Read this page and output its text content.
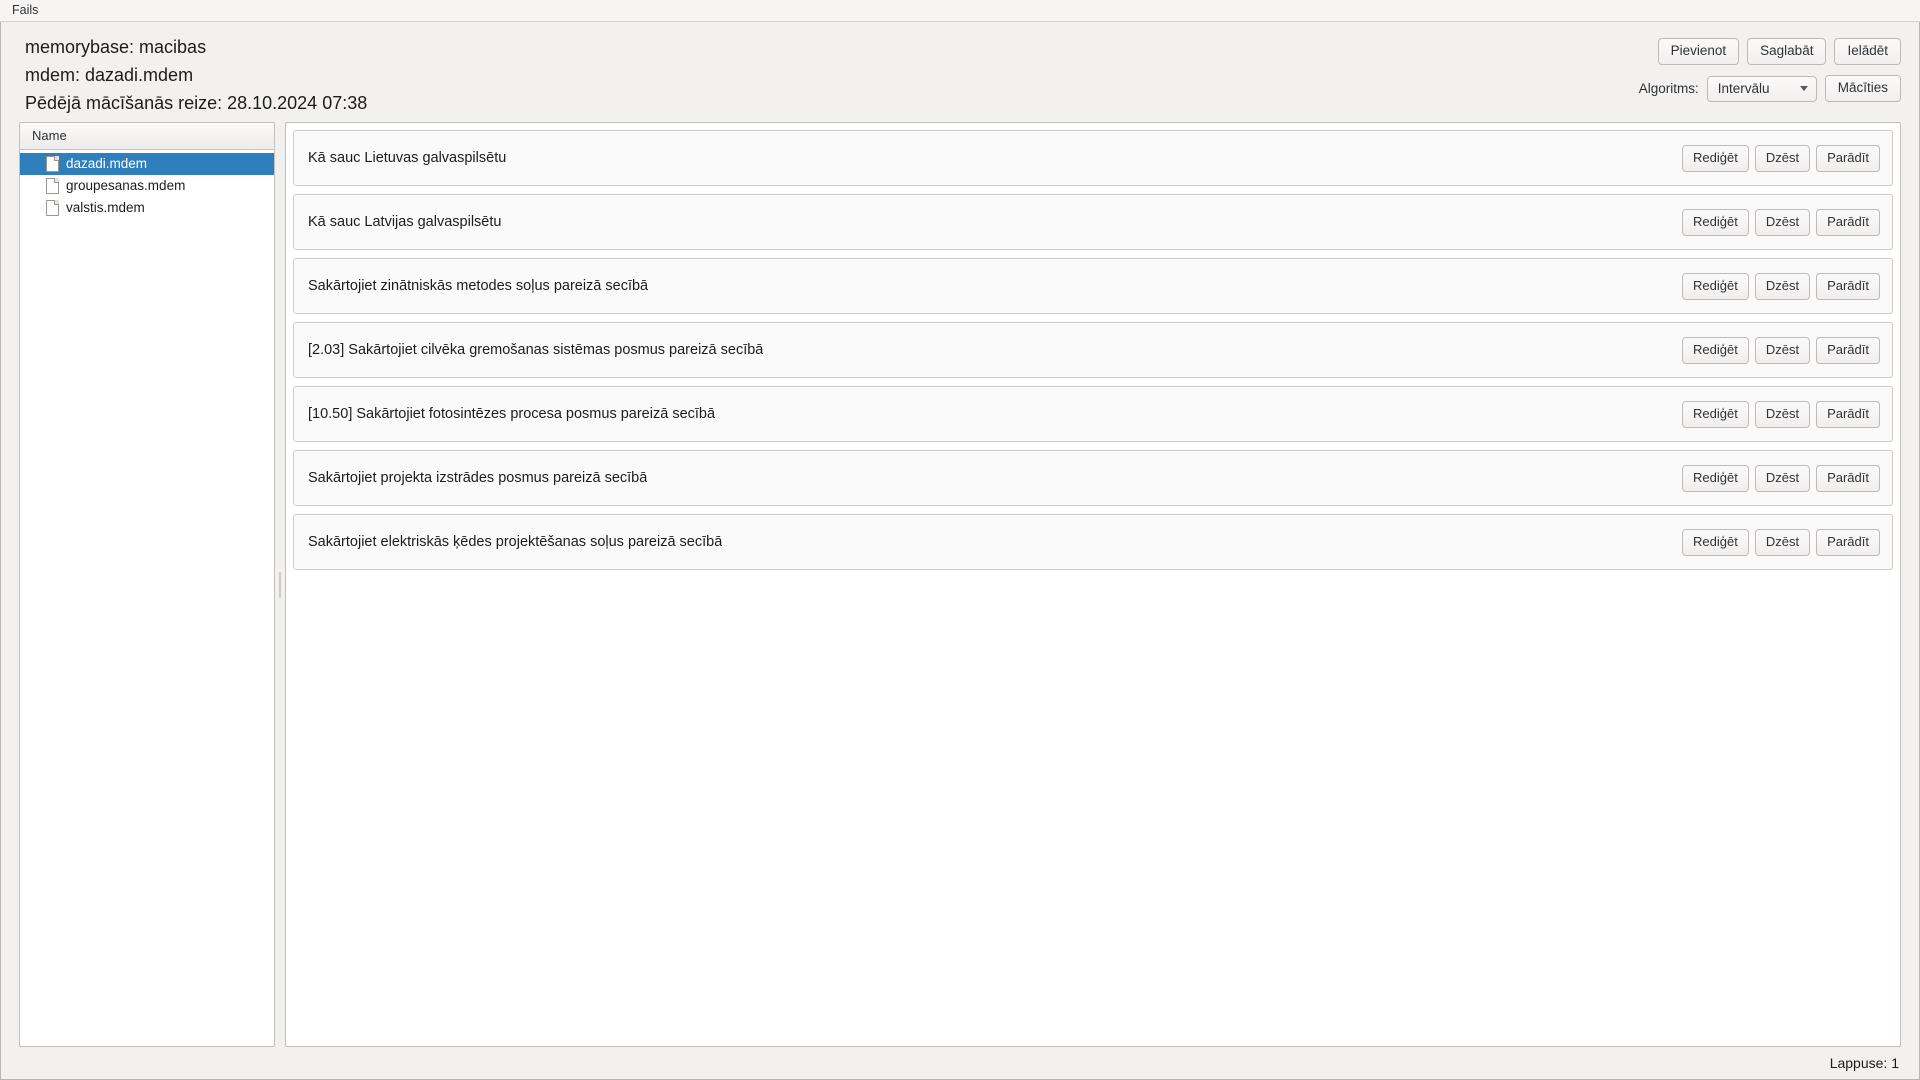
Fails
memorybase: macibas
mdem: dazadi.mdem
Pēdējā mācīšanās reize: 28.10.2024 07:38
Pievienot	Saglabāt	Ielādēt
Algoritms: Intervālu	Mācīties
Name
dazadi.mdem
groupesanas.mdem
valstis.mdem
Kā sauc Lietuvas galvaspilsētu	Rediģēt	Dzēst	Parādīt
Kā sauc Latvijas galvaspilsētu	Rediģēt	Dzēst	Parādīt
Sakārtojiet zinātniskās metodes soļus pareizā secībā	Rediģēt	Dzēst	Parādīt
[2.03] Sakārtojiet cilvēka gremošanas sistēmas posmus pareizā secībā	Rediģēt	Dzēst	Parādīt
[10.50] Sakārtojiet fotosintēzes procesa posmus pareizā secībā	Rediģēt	Dzēst	Parādīt
Sakārtojiet projekta izstrādes posmus pareizā secībā	Rediģēt	Dzēst	Parādīt
Sakārtojiet elektriskās ķēdes projektēšanas soļus pareizā secībā	Rediģēt	Dzēst	Parādīt
Lappuse: 1
